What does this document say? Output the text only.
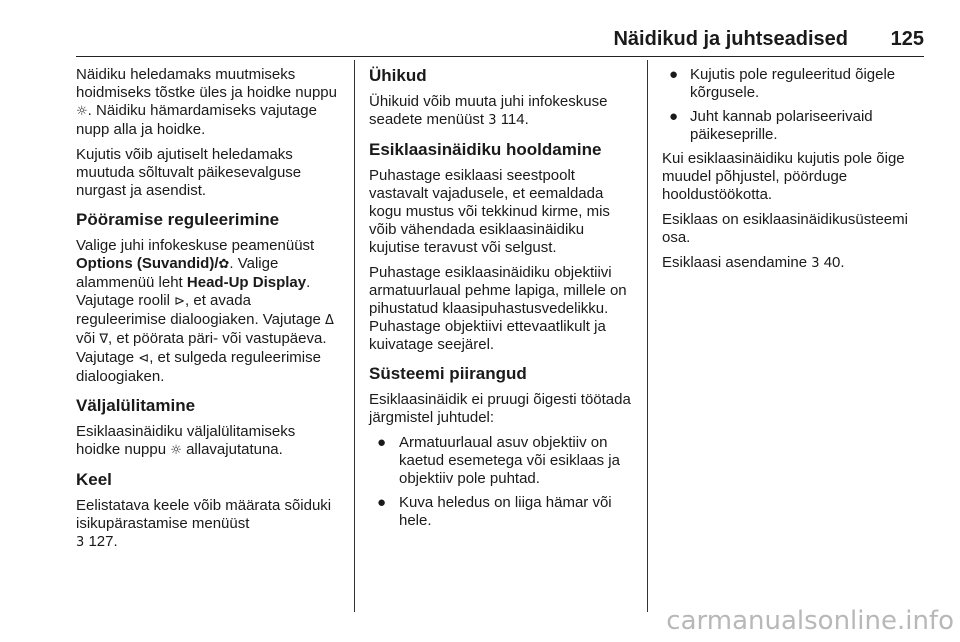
Näidikud ja juhtseadised 125

Näidiku heledamaks muutmiseks hoidmiseks tõstke üles ja hoidke nuppu ☼. Näidiku hämardamiseks vajutage nupp alla ja hoidke.

Kujutis võib ajutiselt heledamaks muutuda sõltuvalt päikesevalguse nurgast ja asendist.

Pööramise reguleerimine

Valige juhi infokeskuse peamenüüst Options (Suvandid)/✿. Valige alammenüü leht Head-Up Display. Vajutage roolil ⊳, et avada reguleerimise dialoogiaken. Vajutage Δ või ∇, et pöörata päri- või vastupäeva. Vajutage ⊲, et sulgeda reguleerimise dialoogiaken.

Väljalülitamine

Esiklaasinäidiku väljalülitamiseks hoidke nuppu ☼ allavajutatuna.

Keel

Eelistatava keele võib määrata sõiduki isikupärastamise menüüst
3 127.

Ühikud

Ühikuid võib muuta juhi infokeskuse seadete menüüst 3 114.

Esiklaasinäidiku hooldamine

Puhastage esiklaasi seestpoolt vastavalt vajadusele, et eemaldada kogu mustus või tekkinud kirme, mis võib vähendada esiklaasinäidiku kujutise teravust või selgust.

Puhastage esiklaasinäidiku objektiivi armatuurlaual pehme lapiga, millele on pihustatud klaasipuhastusvedelikku. Puhastage objektiivi ettevaatlikult ja kuivatage seejärel.

Süsteemi piirangud

Esiklaasinäidik ei pruugi õigesti töötada järgmistel juhtudel:

● Armatuurlaual asuv objektiiv on kaetud esemetega või esiklaas ja objektiiv pole puhtad.
● Kuva heledus on liiga hämar või hele.
● Kujutis pole reguleeritud õigele kõrgusele.
● Juht kannab polariseerivaid päikeseprille.

Kui esiklaasinäidiku kujutis pole õige muudel põhjustel, pöörduge hooldustöökotta.

Esiklaas on esiklaasinäidikusüsteemi osa.

Esiklaasi asendamine 3 40.

carmanualsonline.info
